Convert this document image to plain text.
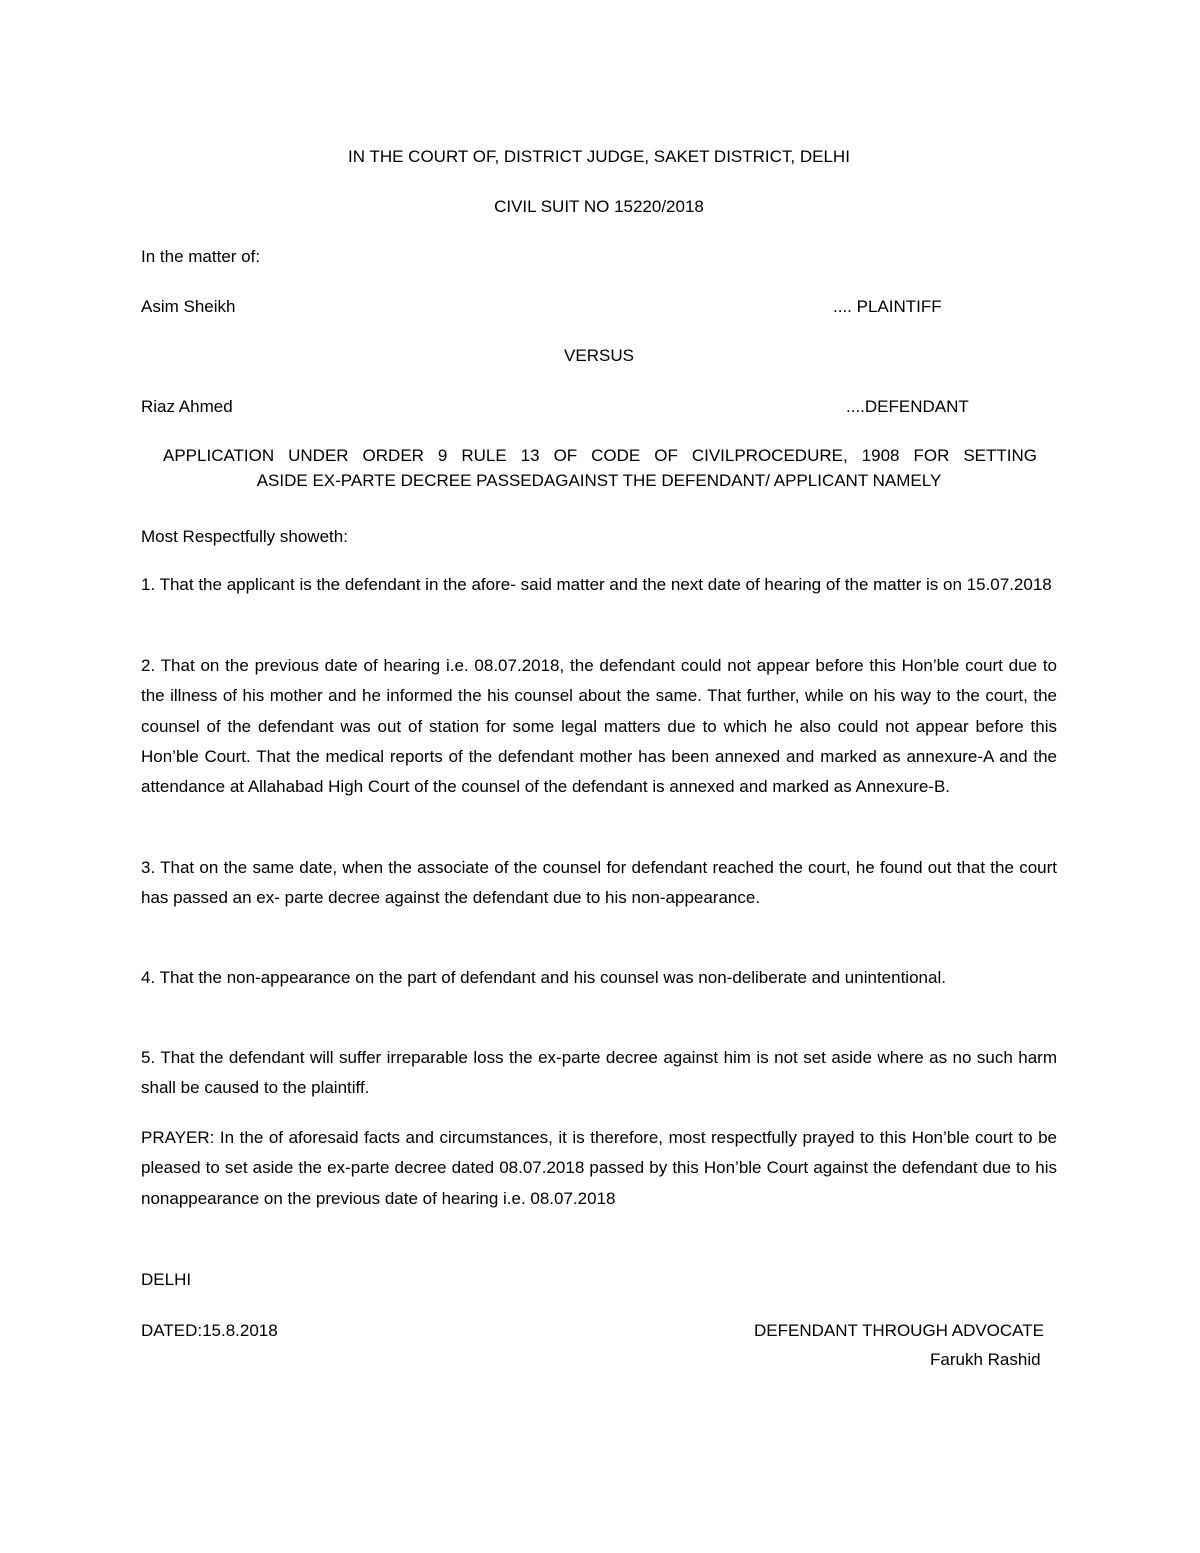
IN THE COURT OF, DISTRICT JUDGE, SAKET DISTRICT, DELHI
CIVIL SUIT NO 15220/2018
In the matter of:
Asim Sheikh	.... PLAINTIFF
VERSUS
Riaz Ahmed	....DEFENDANT
APPLICATION UNDER ORDER 9 RULE 13 OF CODE OF CIVILPROCEDURE, 1908 FOR SETTING
ASIDE EX-PARTE DECREE PASSEDAGAINST THE DEFENDANT/ APPLICANT NAMELY
Most Respectfully showeth:
1. That the applicant is the defendant in the afore- said matter and the next date of hearing of the matter is on 15.07.2018
2. That on the previous date of hearing i.e. 08.07.2018, the defendant could not appear before this Hon’ble court due to the illness of his mother and he informed the his counsel about the same. That further, while on his way to the court, the counsel of the defendant was out of station for some legal matters due to which he also could not appear before this Hon’ble Court. That the medical reports of the defendant mother has been annexed and marked as annexure-A and the attendance at Allahabad High Court of the counsel of the defendant is annexed and marked as Annexure-B.
3. That on the same date, when the associate of the counsel for defendant reached the court, he found out that the court has passed an ex- parte decree against the defendant due to his non-appearance.
4. That the non-appearance on the part of defendant and his counsel was non-deliberate and unintentional.
5. That the defendant will suffer irreparable loss the ex-parte decree against him is not set aside where as no such harm shall be caused to the plaintiff.
PRAYER: In the of aforesaid facts and circumstances, it is therefore, most respectfully prayed to this Hon’ble court to be pleased to set aside the ex-parte decree dated 08.07.2018 passed by this Hon’ble Court against the defendant due to his nonappearance on the previous date of hearing i.e. 08.07.2018
DELHI
DATED:15.8.2018	DEFENDANT THROUGH ADVOCATE
Farukh Rashid
